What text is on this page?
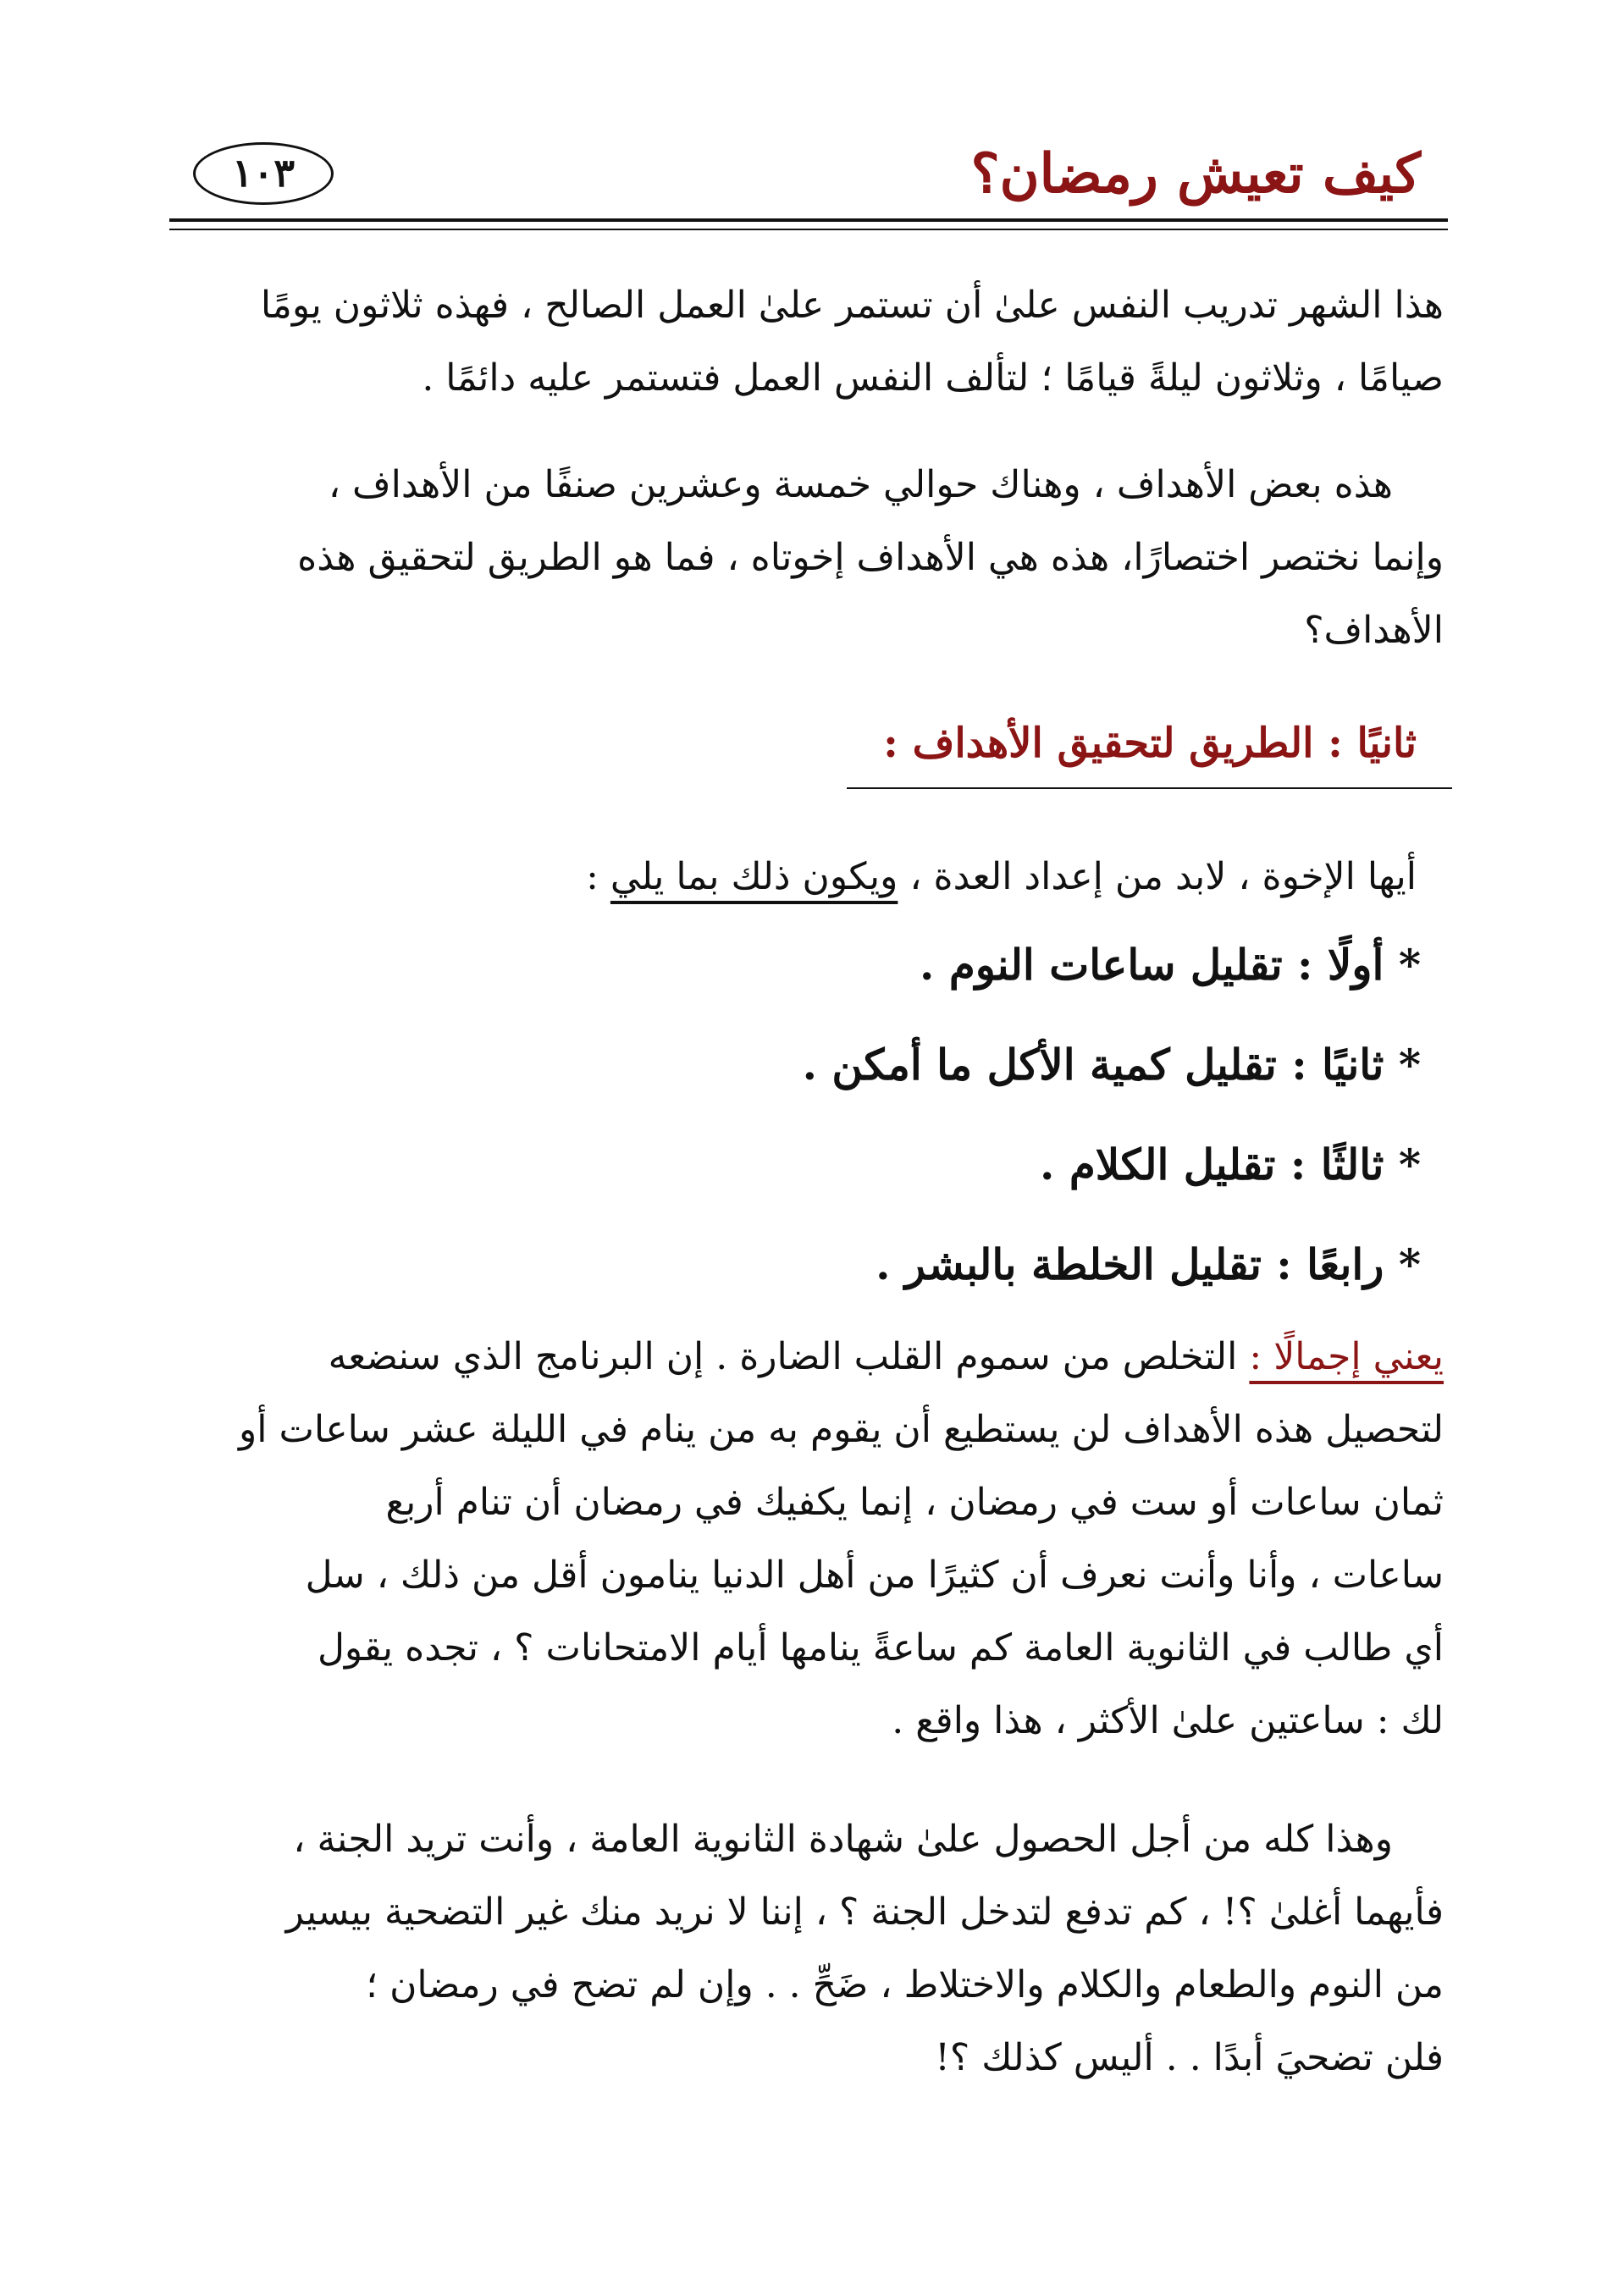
كيف تعيش رمضان؟
١٠٣
هذا الشهر تدريب النفس علىٰ أن تستمر علىٰ العمل الصالح ، فهذه ثلاثون يومًا
صيامًا ، وثلاثون ليلةً قيامًا ؛ لتألف النفس العمل فتستمر عليه دائمًا .
هذه بعض الأهداف ، وهناك حوالي خمسة وعشرين صنفًا من الأهداف ،
وإنما نختصر اختصارًا، هذه هي الأهداف إخوتاه ، فما هو الطريق لتحقيق هذه
الأهداف؟
ثانيًا : الطريق لتحقيق الأهداف :
أيها الإخوة ، لابد من إعداد العدة ، ويكون ذلك بما يلي :
* أولًا : تقليل ساعات النوم .
* ثانيًا : تقليل كمية الأكل ما أمكن .
* ثالثًا : تقليل الكلام .
* رابعًا : تقليل الخلطة بالبشر .
يعني إجمالًا : التخلص من سموم القلب الضارة . إن البرنامج الذي سنضعه
لتحصيل هذه الأهداف لن يستطيع أن يقوم به من ينام في الليلة عشر ساعات أو
ثمان ساعات أو ست في رمضان ، إنما يكفيك في رمضان أن تنام أربع
ساعات ، وأنا وأنت نعرف أن كثيرًا من أهل الدنيا ينامون أقل من ذلك ، سل
أي طالب في الثانوية العامة كم ساعةً ينامها أيام الامتحانات ؟ ، تجده يقول
لك : ساعتين علىٰ الأكثر ، هذا واقع .
وهذا كله من أجل الحصول علىٰ شهادة الثانوية العامة ، وأنت تريد الجنة ،
فأيهما أغلىٰ ؟! ، كم تدفع لتدخل الجنة ؟ ، إننا لا نريد منك غير التضحية بيسير
من النوم والطعام والكلام والاختلاط ، ضَحِّ . . وإن لم تضح في رمضان ؛
فلن تضحيَ أبدًا . . أليس كذلك ؟!
